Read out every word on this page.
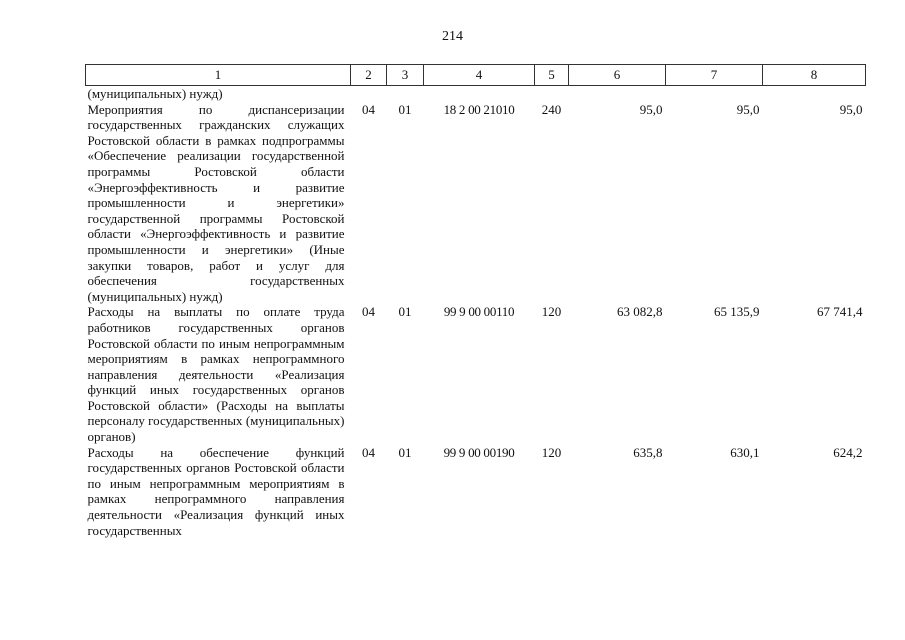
214
1	2	3	4	5	6	7	8
(муниципальных) нужд)							
Мероприятия по диспансеризации государственных гражданских служащих Ростовской области в рамках подпрограммы «Обеспечение реализации государственной программы Ростовской области «Энергоэффективность и развитие промышленности и энергетики» государственной программы Ростовской области «Энергоэффективность и развитие промышленности и энергетики» (Иные закупки товаров, работ и услуг для обеспечения государственных (муниципальных) нужд)	04	01	18 2 00 21010	240	95,0	95,0	95,0
Расходы на выплаты по оплате труда работников государственных органов Ростовской области по иным непрограммным мероприятиям в рамках непрограммного направления деятельности «Реализация функций иных государственных органов Ростовской области» (Расходы на выплаты персоналу государственных (муниципальных) органов)	04	01	99 9 00 00110	120	63 082,8	65 135,9	67 741,4
Расходы на обеспечение функций государственных органов Ростовской области по иным непрограммным мероприятиям в рамках непрограммного направления деятельности «Реализация функций иных государственных	04	01	99 9 00 00190	120	635,8	630,1	624,2
